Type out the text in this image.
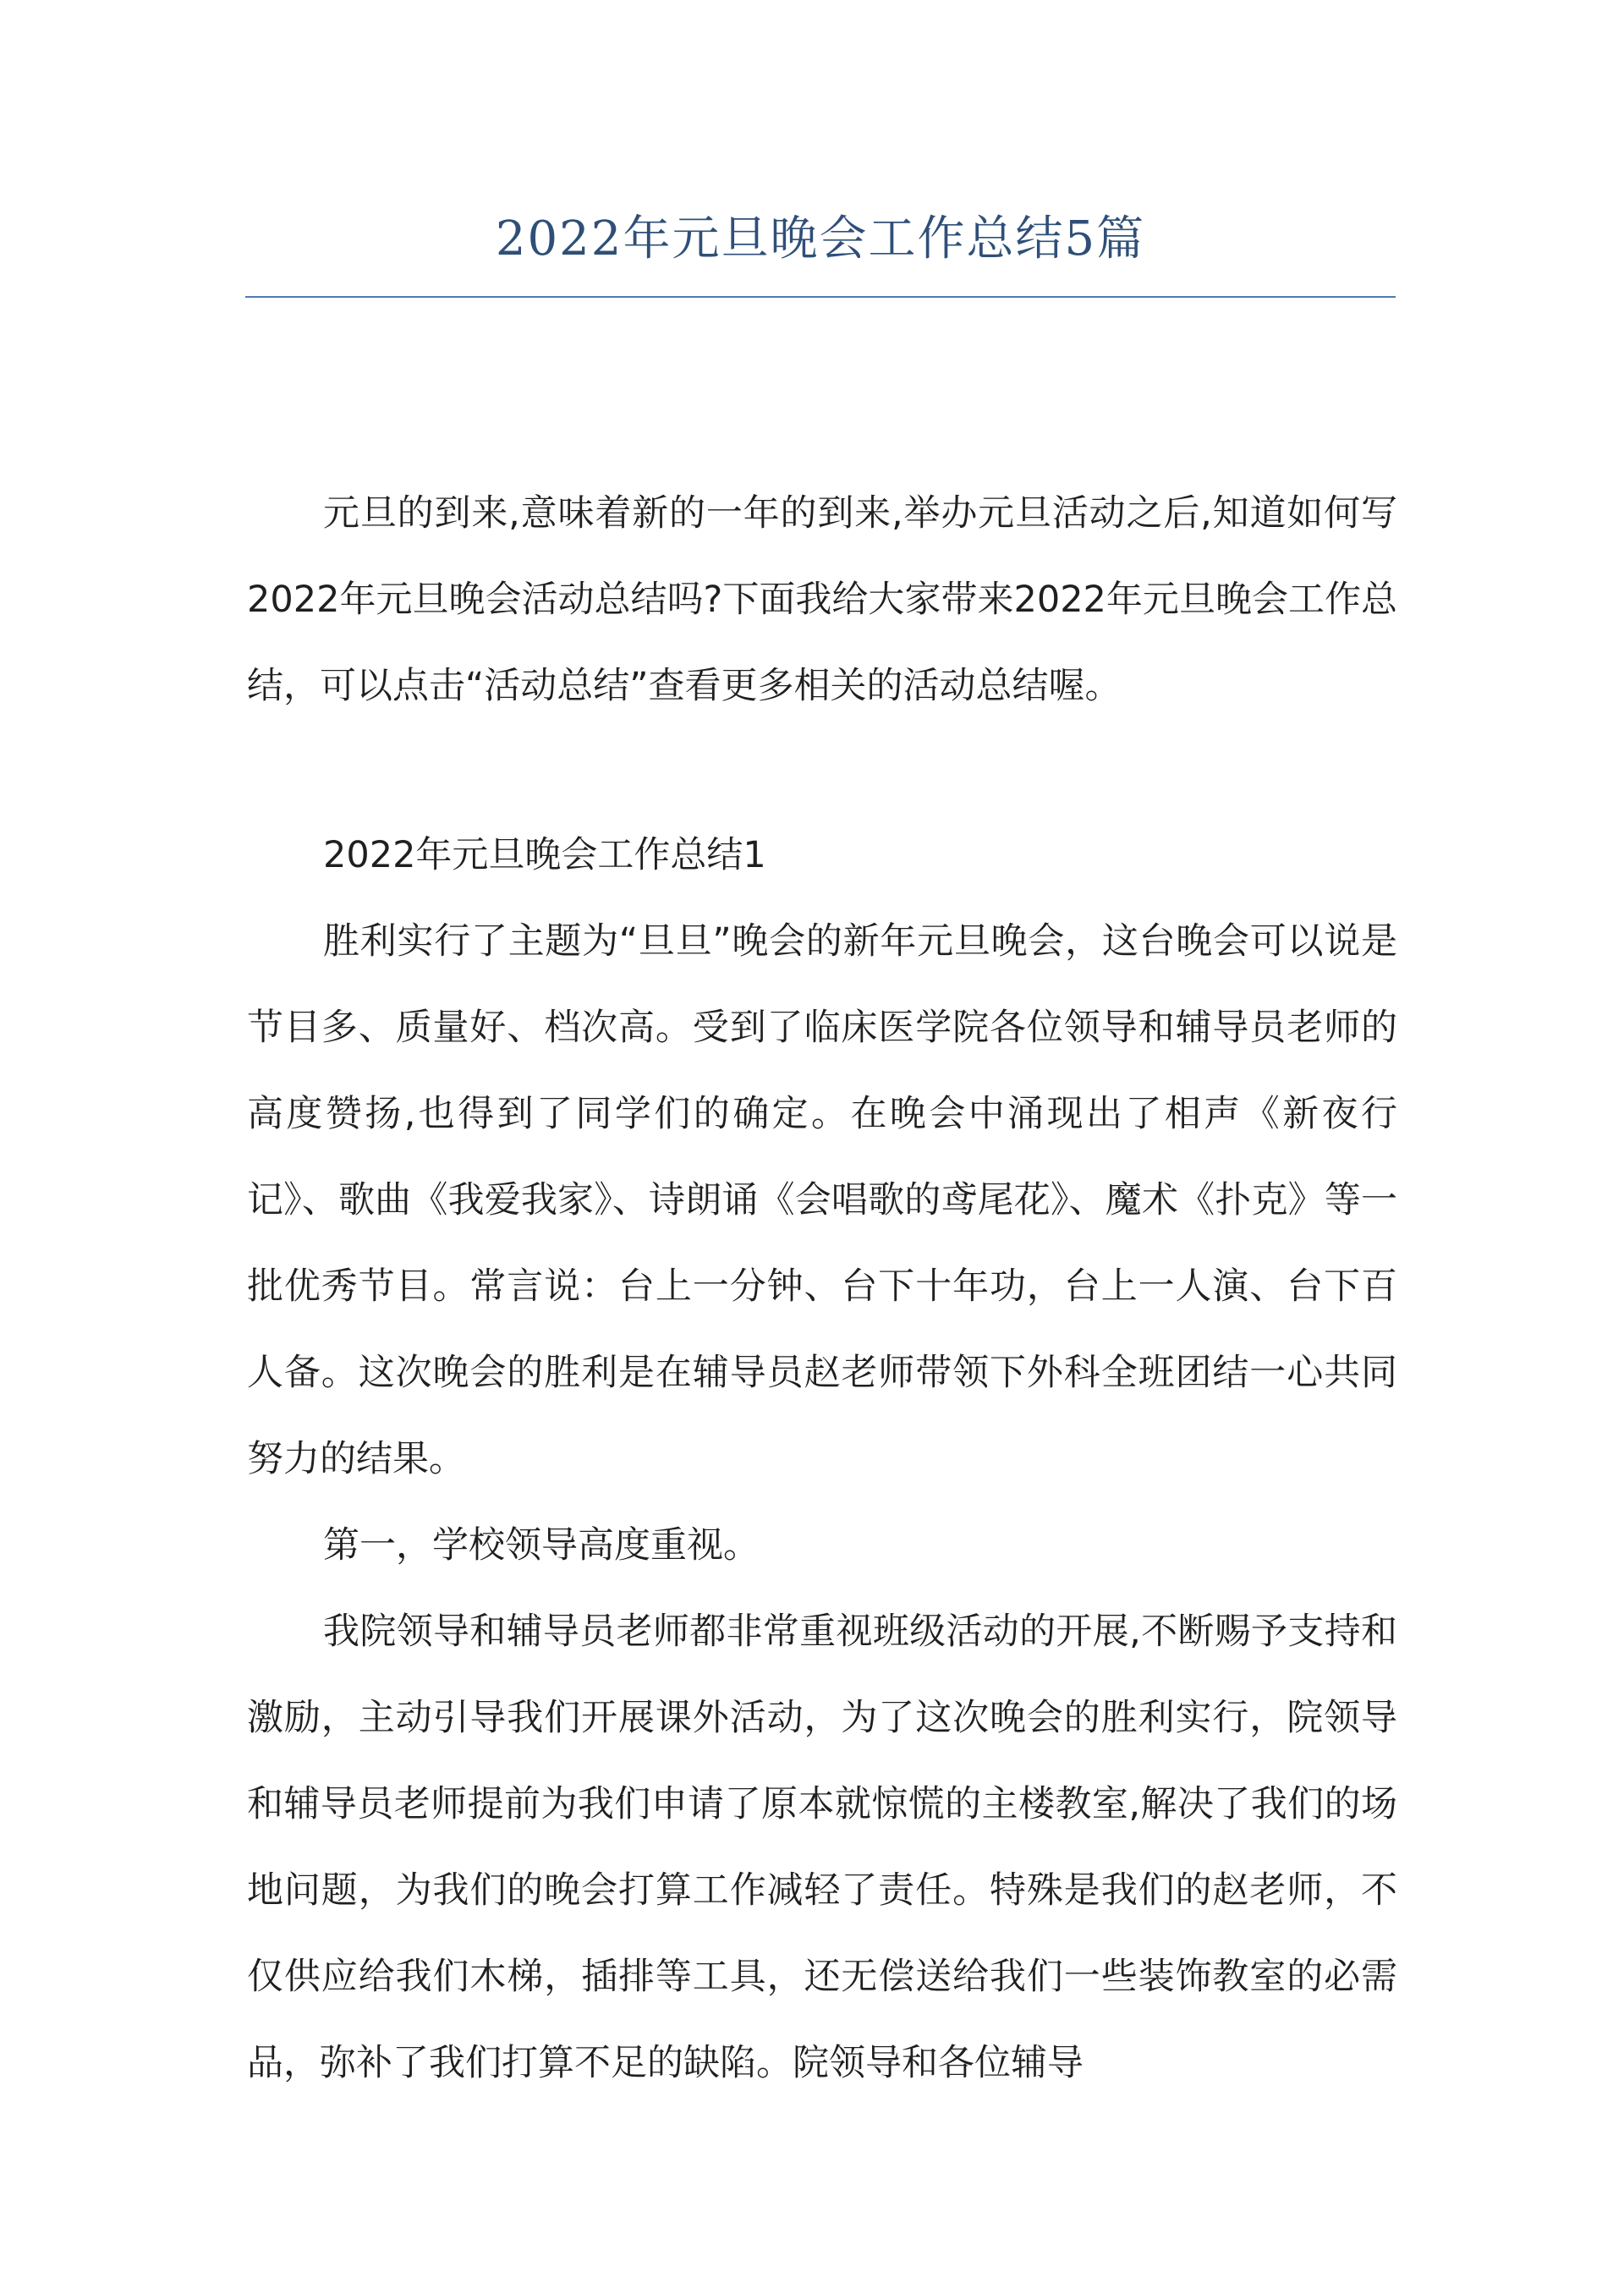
2022年元旦晚会工作总结5篇

元旦的到来,意味着新的一年的到来,举办元旦活动之后,知道如何写2022年元旦晚会活动总结吗?下面我给大家带来2022年元旦晚会工作总结，可以点击“活动总结”查看更多相关的活动总结喔。

2022年元旦晚会工作总结1

胜利实行了主题为“旦旦”晚会的新年元旦晚会，这台晚会可以说是节目多、质量好、档次高。受到了临床医学院各位领导和辅导员老师的高度赞扬,也得到了同学们的确定。在晚会中涌现出了相声《新夜行记》、歌曲《我爱我家》、诗朗诵《会唱歌的鸢尾花》、魔术《扑克》等一批优秀节目。常言说：台上一分钟、台下十年功，台上一人演、台下百人备。这次晚会的胜利是在辅导员赵老师带领下外科全班团结一心共同努力的结果。

第一，学校领导高度重视。

我院领导和辅导员老师都非常重视班级活动的开展,不断赐予支持和激励，主动引导我们开展课外活动，为了这次晚会的胜利实行，院领导和辅导员老师提前为我们申请了原本就惊慌的主楼教室,解决了我们的场地问题，为我们的晚会打算工作减轻了责任。特殊是我们的赵老师，不仅供应给我们木梯，插排等工具，还无偿送给我们一些装饰教室的必需品，弥补了我们打算不足的缺陷。院领导和各位辅导
